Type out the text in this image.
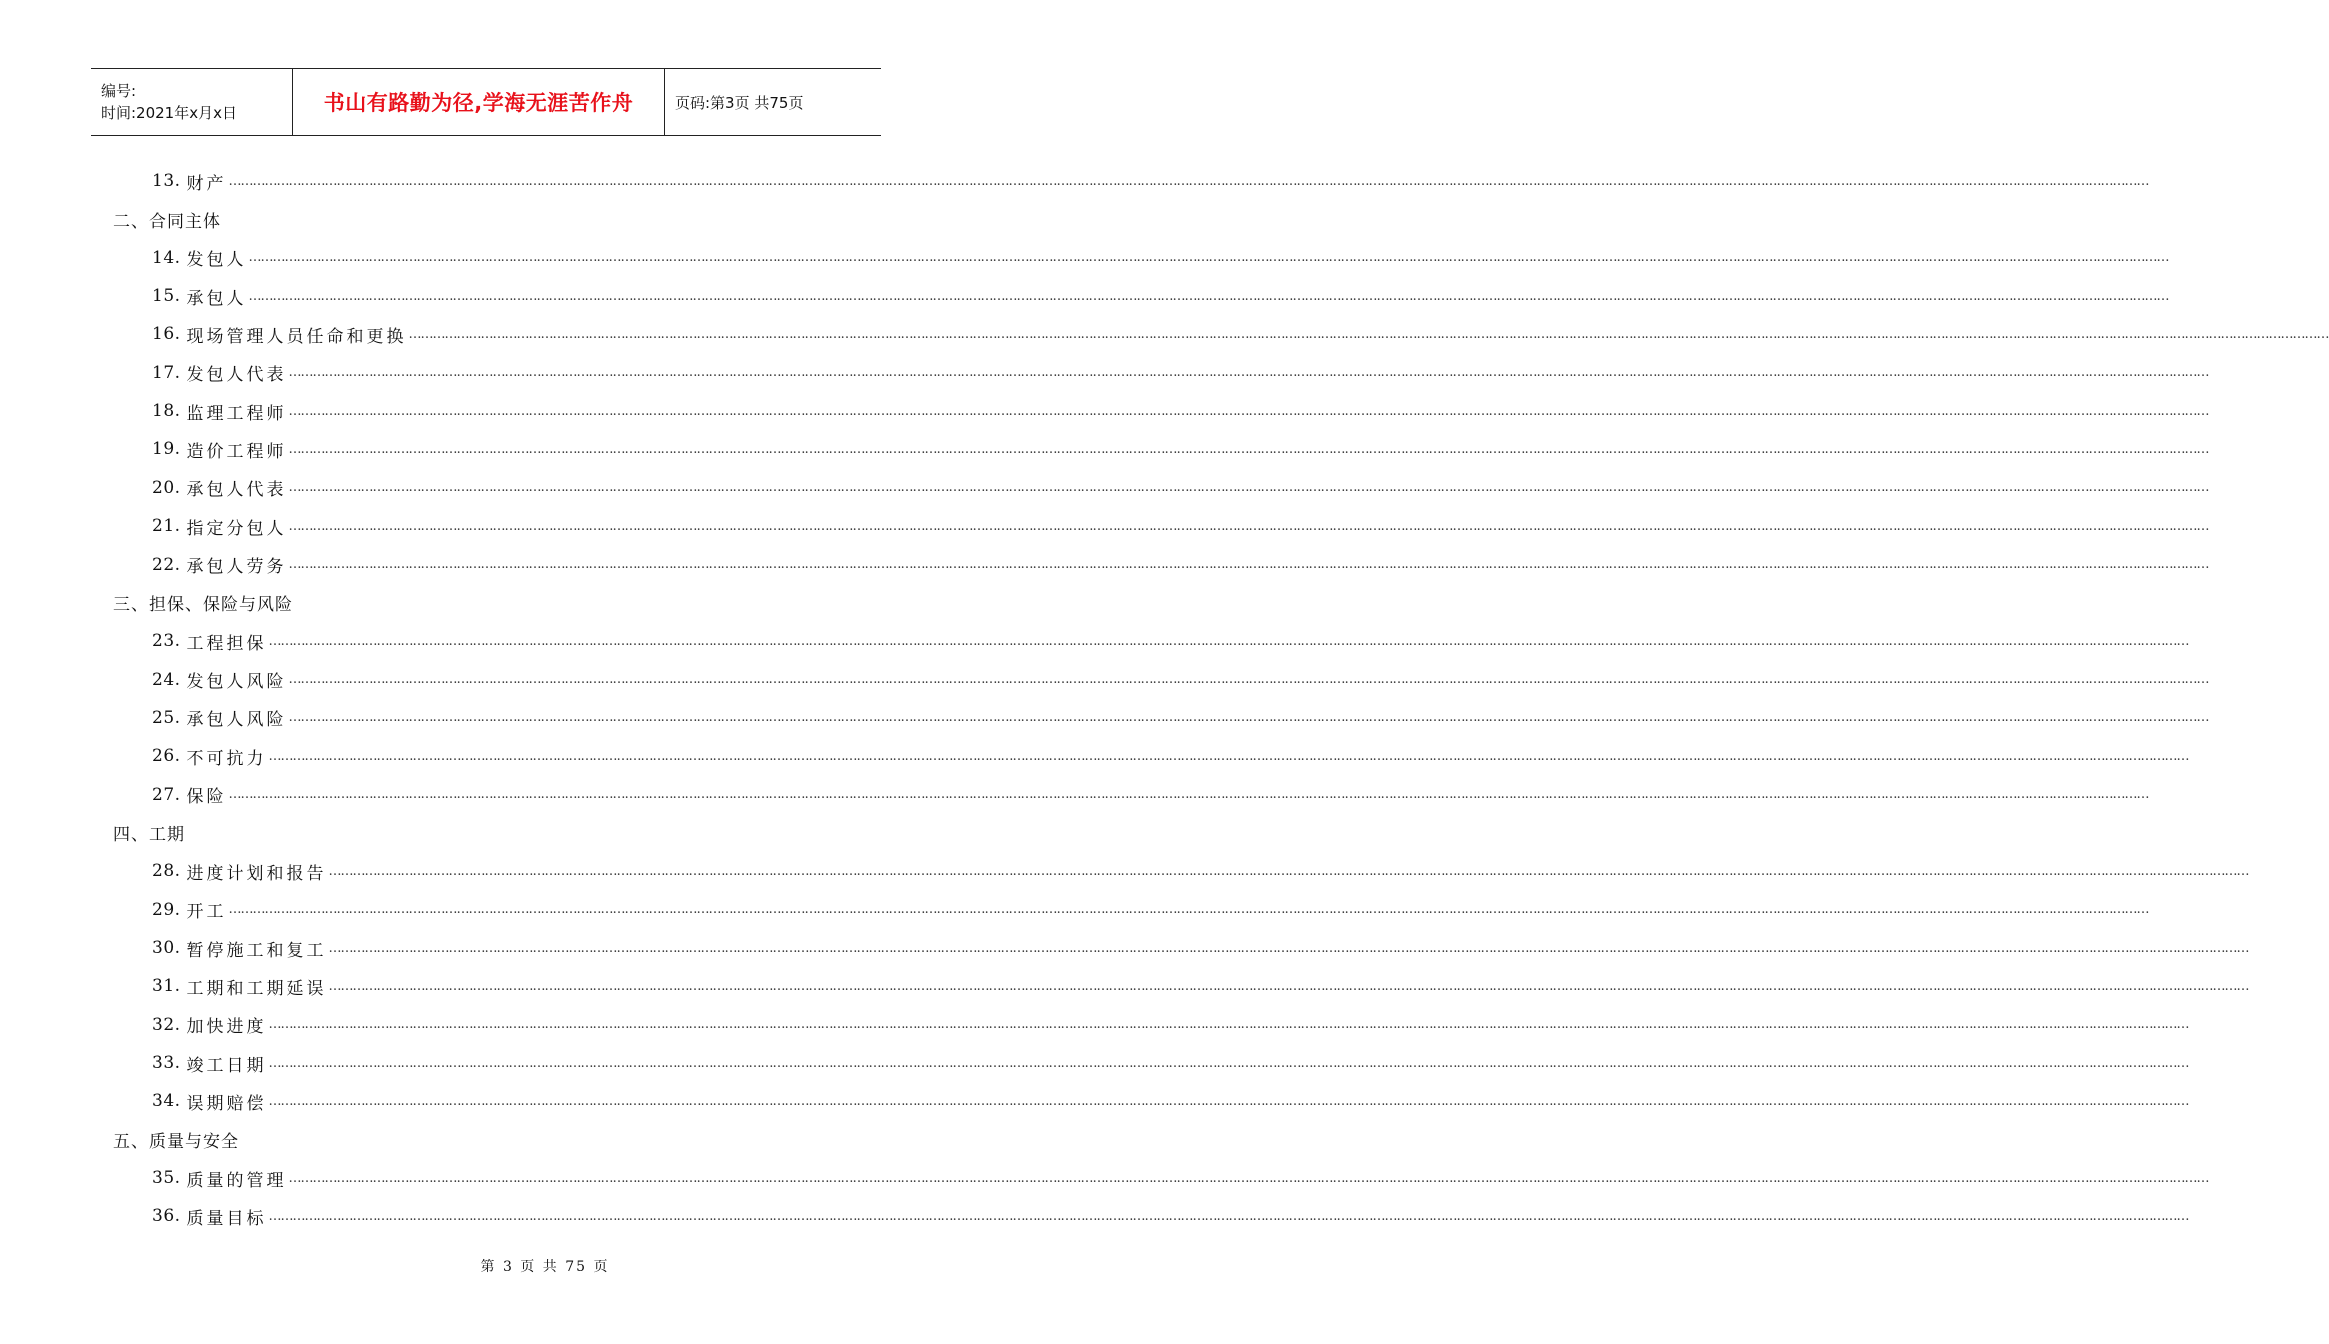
编号:
时间:2021年x月x日	书山有路勤为径,学海无涯苦作舟	页码:第3页 共75页
13. 财产 …………………………………………………………………………………………………………………………………………………………………………………………………………………………………………………………………………………………………………………………………………………………………………………………………………………………………………
二、合同主体
14. 发包人 …………………………………………………………………………………………………………………………………………………………………………………………………………………………………………………………………………………………………………………………………………………………………………………………………………………………………………
15. 承包人 …………………………………………………………………………………………………………………………………………………………………………………………………………………………………………………………………………………………………………………………………………………………………………………………………………………………………………
16. 现场管理人员任命和更换 …………………………………………………………………………………………………………………………………………………………………………………………………………………………………………………………………………………………………………………………………………………………………………………………………………………………………………
17. 发包人代表 …………………………………………………………………………………………………………………………………………………………………………………………………………………………………………………………………………………………………………………………………………………………………………………………………………………………………………
18. 监理工程师 …………………………………………………………………………………………………………………………………………………………………………………………………………………………………………………………………………………………………………………………………………………………………………………………………………………………………………
19. 造价工程师 …………………………………………………………………………………………………………………………………………………………………………………………………………………………………………………………………………………………………………………………………………………………………………………………………………………………………………
20. 承包人代表 …………………………………………………………………………………………………………………………………………………………………………………………………………………………………………………………………………………………………………………………………………………………………………………………………………………………………………
21. 指定分包人 …………………………………………………………………………………………………………………………………………………………………………………………………………………………………………………………………………………………………………………………………………………………………………………………………………………………………………
22. 承包人劳务 …………………………………………………………………………………………………………………………………………………………………………………………………………………………………………………………………………………………………………………………………………………………………………………………………………………………………………
三、担保、保险与风险
23. 工程担保 …………………………………………………………………………………………………………………………………………………………………………………………………………………………………………………………………………………………………………………………………………………………………………………………………………………………………………
24. 发包人风险 …………………………………………………………………………………………………………………………………………………………………………………………………………………………………………………………………………………………………………………………………………………………………………………………………………………………………………
25. 承包人风险 …………………………………………………………………………………………………………………………………………………………………………………………………………………………………………………………………………………………………………………………………………………………………………………………………………………………………………
26. 不可抗力 …………………………………………………………………………………………………………………………………………………………………………………………………………………………………………………………………………………………………………………………………………………………………………………………………………………………………………
27. 保险 …………………………………………………………………………………………………………………………………………………………………………………………………………………………………………………………………………………………………………………………………………………………………………………………………………………………………………
四、工期
28. 进度计划和报告 …………………………………………………………………………………………………………………………………………………………………………………………………………………………………………………………………………………………………………………………………………………………………………………………………………………………………………
29. 开工 …………………………………………………………………………………………………………………………………………………………………………………………………………………………………………………………………………………………………………………………………………………………………………………………………………………………………………
30. 暂停施工和复工 …………………………………………………………………………………………………………………………………………………………………………………………………………………………………………………………………………………………………………………………………………………………………………………………………………………………………………
31. 工期和工期延误 …………………………………………………………………………………………………………………………………………………………………………………………………………………………………………………………………………………………………………………………………………………………………………………………………………………………………………
32. 加快进度 …………………………………………………………………………………………………………………………………………………………………………………………………………………………………………………………………………………………………………………………………………………………………………………………………………………………………………
33. 竣工日期 …………………………………………………………………………………………………………………………………………………………………………………………………………………………………………………………………………………………………………………………………………………………………………………………………………………………………………
34. 误期赔偿 …………………………………………………………………………………………………………………………………………………………………………………………………………………………………………………………………………………………………………………………………………………………………………………………………………………………………………
五、质量与安全
35. 质量的管理 …………………………………………………………………………………………………………………………………………………………………………………………………………………………………………………………………………………………………………………………………………………………………………………………………………………………………………
36. 质量目标 …………………………………………………………………………………………………………………………………………………………………………………………………………………………………………………………………………………………………………………………………………………………………………………………………………………………………………
第 3 页 共 75 页
